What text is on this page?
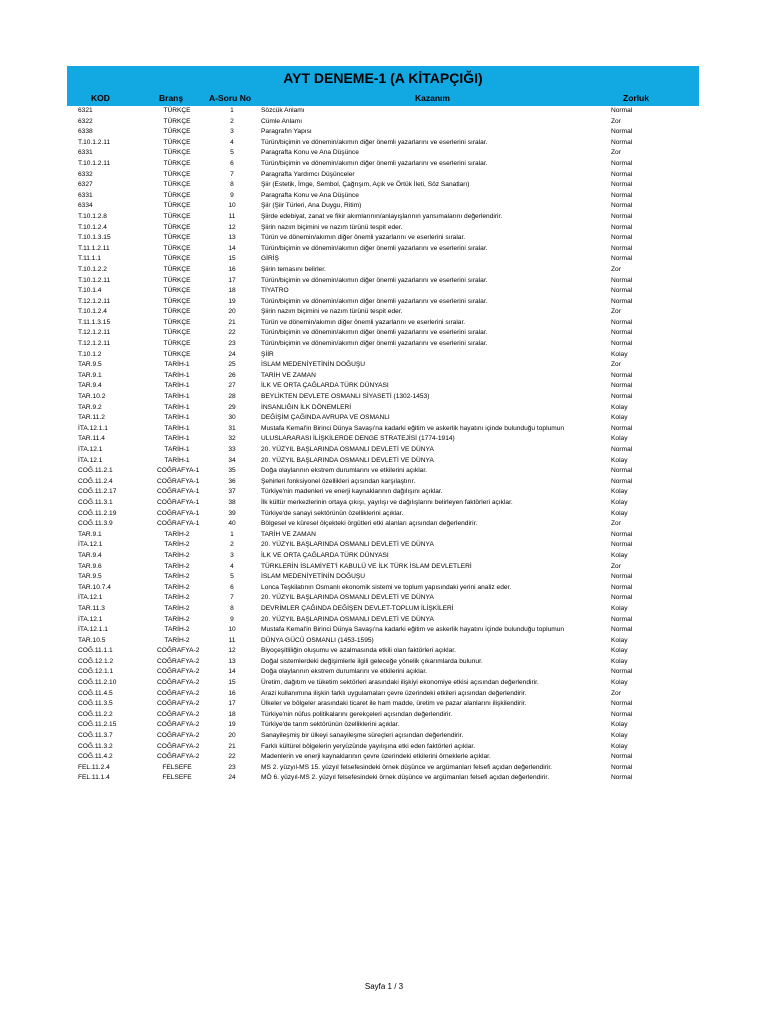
AYT DENEME-1 (A KİTAPÇIĞI)
KOD	Branş	A-Soru No	Kazanım	Zorluk
6321	TÜRKÇE	1	Sözcük Anlamı	Normal
6322	TÜRKÇE	2	Cümle Anlamı	Zor
6338	TÜRKÇE	3	Paragrafın Yapısı	Normal
T.10.1.2.11	TÜRKÇE	4	Türün/biçimin ve dönemin/akımın diğer önemli yazarlarını ve eserlerini sıralar.	Normal
6331	TÜRKÇE	5	Paragrafta Konu ve Ana Düşünce	Zor
T.10.1.2.11	TÜRKÇE	6	Türün/biçimin ve dönemin/akımın diğer önemli yazarlarını ve eserlerini sıralar.	Normal
6332	TÜRKÇE	7	Paragrafta Yardımcı Düşünceler	Normal
6327	TÜRKÇE	8	Şiir (Estetik, İmge, Sembol, Çağrışım, Açık ve Örtük İleti, Söz Sanatları)	Normal
6331	TÜRKÇE	9	Paragrafta Konu ve Ana Düşünce	Normal
6334	TÜRKÇE	10	Şiir (Şiir Türleri, Ana Duygu, Ritim)	Normal
T.10.1.2.8	TÜRKÇE	11	Şiirde edebiyat, zanat ve fikir akımlarının/anlayışlarının yansımalarını değerlendirir.	Normal
T.10.1.2.4	TÜRKÇE	12	Şiirin nazım biçimini ve nazım türünü tespit eder.	Normal
T.10.1.3.15	TÜRKÇE	13	Türün ve dönemin/akımın diğer önemli yazarlarını ve eserlerini sıralar.	Normal
T.11.1.2.11	TÜRKÇE	14	Türün/biçimin ve dönemin/akımın diğer önemli yazarlarını ve eserlerini sıralar.	Normal
T.11.1.1	TÜRKÇE	15	GİRİŞ	Normal
T.10.1.2.2	TÜRKÇE	16	Şiirin temasını belirler.	Zor
T.10.1.2.11	TÜRKÇE	17	Türün/biçimin ve dönemin/akımın diğer önemli yazarlarını ve eserlerini sıralar.	Normal
T.10.1.4	TÜRKÇE	18	TİYATRO	Normal
T.12.1.2.11	TÜRKÇE	19	Türün/biçimin ve dönemin/akımın diğer önemli yazarlarını ve eserlerini sıralar.	Normal
T.10.1.2.4	TÜRKÇE	20	Şiirin nazım biçimini ve nazım türünü tespit eder.	Zor
T.11.1.3.15	TÜRKÇE	21	Türün ve dönemin/akımın diğer önemli yazarlarını ve eserlerini sıralar.	Normal
T.12.1.2.11	TÜRKÇE	22	Türün/biçimin ve dönemin/akımın diğer önemli yazarlarını ve eserlerini sıralar.	Normal
T.12.1.2.11	TÜRKÇE	23	Türün/biçimin ve dönemin/akımın diğer önemli yazarlarını ve eserlerini sıralar.	Normal
T.10.1.2	TÜRKÇE	24	ŞİİR	Kolay
TAR.9.5	TARİH-1	25	İSLAM MEDENİYETİNİN DOĞUŞU	Zor
TAR.9.1	TARİH-1	26	TARİH VE ZAMAN	Normal
TAR.9.4	TARİH-1	27	İLK VE ORTA ÇAĞLARDA TÜRK DÜNYASI	Normal
TAR.10.2	TARİH-1	28	BEYLİKTEN DEVLETE OSMANLI SİYASETİ (1302-1453)	Normal
TAR.9.2	TARİH-1	29	İNSANLIĞIN İLK DÖNEMLERİ	Kolay
TAR.11.2	TARİH-1	30	DEĞİŞİM ÇAĞINDA AVRUPA VE OSMANLI	Kolay
İTA.12.1.1	TARİH-1	31	Mustafa Kemal'in Birinci Dünya Savaşı'na kadarki eğitim ve askerlik hayatını içinde bulunduğu toplumun	Normal
TAR.11.4	TARİH-1	32	ULUSLARARASI İLİŞKİLERDE DENGE STRATEJİSİ (1774-1914)	Kolay
İTA.12.1	TARİH-1	33	20. YÜZYIL BAŞLARINDA OSMANLI DEVLETİ VE DÜNYA	Normal
İTA.12.1	TARİH-1	34	20. YÜZYIL BAŞLARINDA OSMANLI DEVLETİ VE DÜNYA	Kolay
COĞ.11.2.1	COĞRAFYA-1	35	Doğa olaylarının ekstrem durumlarını ve etkilerini açıklar.	Normal
COĞ.11.2.4	COĞRAFYA-1	36	Şehirleri fonksiyonel özellikleri açısından karşılaştırır.	Normal
COĞ.11.2.17	COĞRAFYA-1	37	Türkiye'nin madenleri ve enerji kaynaklarının dağılışını açıklar.	Kolay
COĞ.11.3.1	COĞRAFYA-1	38	İlk kültür merkezlerinin ortaya çıkışı, yayılışı ve dağılışlarını belirleyen faktörleri açıklar.	Kolay
COĞ.11.2.19	COĞRAFYA-1	39	Türkiye'de sanayi sektörünün özelliklerini açıklar.	Kolay
COĞ.11.3.9	COĞRAFYA-1	40	Bölgesel ve küresel ölçekteki örgütleri etki alanları açısından değerlendirir.	Zor
TAR.9.1	TARİH-2	1	TARİH VE ZAMAN	Normal
İTA.12.1	TARİH-2	2	20. YÜZYIL BAŞLARINDA OSMANLI DEVLETİ VE DÜNYA	Normal
TAR.9.4	TARİH-2	3	İLK VE ORTA ÇAĞLARDA TÜRK DÜNYASI	Kolay
TAR.9.6	TARİH-2	4	TÜRKLERİN İSLAMİYET'İ KABULÜ VE İLK TÜRK İSLAM DEVLETLERİ	Zor
TAR.9.5	TARİH-2	5	İSLAM MEDENİYETİNİN DOĞUŞU	Normal
TAR.10.7.4	TARİH-2	6	Lonca Teşkilatının Osmanlı ekonomik sistemi ve toplum yapısındaki yerini analiz eder.	Normal
İTA.12.1	TARİH-2	7	20. YÜZYIL BAŞLARINDA OSMANLI DEVLETİ VE DÜNYA	Normal
TAR.11.3	TARİH-2	8	DEVRİMLER ÇAĞINDA DEĞİŞEN DEVLET-TOPLUM İLİŞKİLERİ	Kolay
İTA.12.1	TARİH-2	9	20. YÜZYIL BAŞLARINDA OSMANLI DEVLETİ VE DÜNYA	Normal
İTA.12.1.1	TARİH-2	10	Mustafa Kemal'in Birinci Dünya Savaşı'na kadarki eğitim ve askerlik hayatını içinde bulunduğu toplumun	Normal
TAR.10.5	TARİH-2	11	DÜNYA GÜCÜ OSMANLI (1453-1595)	Kolay
COĞ.11.1.1	COĞRAFYA-2	12	Biyoçeşitliliğin oluşumu ve azalmasında etkili olan faktörleri açıklar.	Kolay
COĞ.12.1.2	COĞRAFYA-2	13	Doğal sistemlerdeki değişimlerle ilgili geleceğe yönelik çıkarımlarda bulunur.	Kolay
COĞ.12.1.1	COĞRAFYA-2	14	Doğa olaylarının ekstrem durumlarını ve etkilerini açıklar.	Normal
COĞ.11.2.10	COĞRAFYA-2	15	Üretim, dağıtım ve tüketim sektörleri arasındaki ilişkiyi ekonomiye etkisi açısından değerlendirir.	Kolay
COĞ.11.4.5	COĞRAFYA-2	16	Arazi kullanımına ilişkin farklı uygulamaları çevre üzerindeki etkileri açısından değerlendirir.	Zor
COĞ.11.3.5	COĞRAFYA-2	17	Ülkeler ve bölgeler arasındaki ticaret ile ham madde, üretim ve pazar alanlarını ilişkilendirir.	Normal
COĞ.11.2.2	COĞRAFYA-2	18	Türkiye'nin nüfus politikalarını gerekçeleri açısından değerlendirir.	Normal
COĞ.11.2.15	COĞRAFYA-2	19	Türkiye'de tarım sektörünün özelliklerini açıklar.	Kolay
COĞ.11.3.7	COĞRAFYA-2	20	Sanayileşmiş bir ülkeyi sanayileşme süreçleri açısından değerlendirir.	Kolay
COĞ.11.3.2	COĞRAFYA-2	21	Farklı kültürel bölgelerin yeryüzünde yayılışına etki eden faktörleri açıklar.	Kolay
COĞ.11.4.2	COĞRAFYA-2	22	Madenlerin ve enerji kaynaklarının çevre üzerindeki etkilerini örneklerle açıklar.	Normal
FEL.11.2.4	FELSEFE	23	MS 2. yüzyıl-MS 15. yüzyıl felsefesindeki örnek düşünce ve argümanları felsefi açıdan değerlendirir.	Normal
FEL.11.1.4	FELSEFE	24	MÖ 6. yüzyıl-MS 2. yüzyıl felsefesindeki örnek düşünce ve argümanları felsefi açıdan değerlendirir.	Normal
Sayfa 1 / 3
